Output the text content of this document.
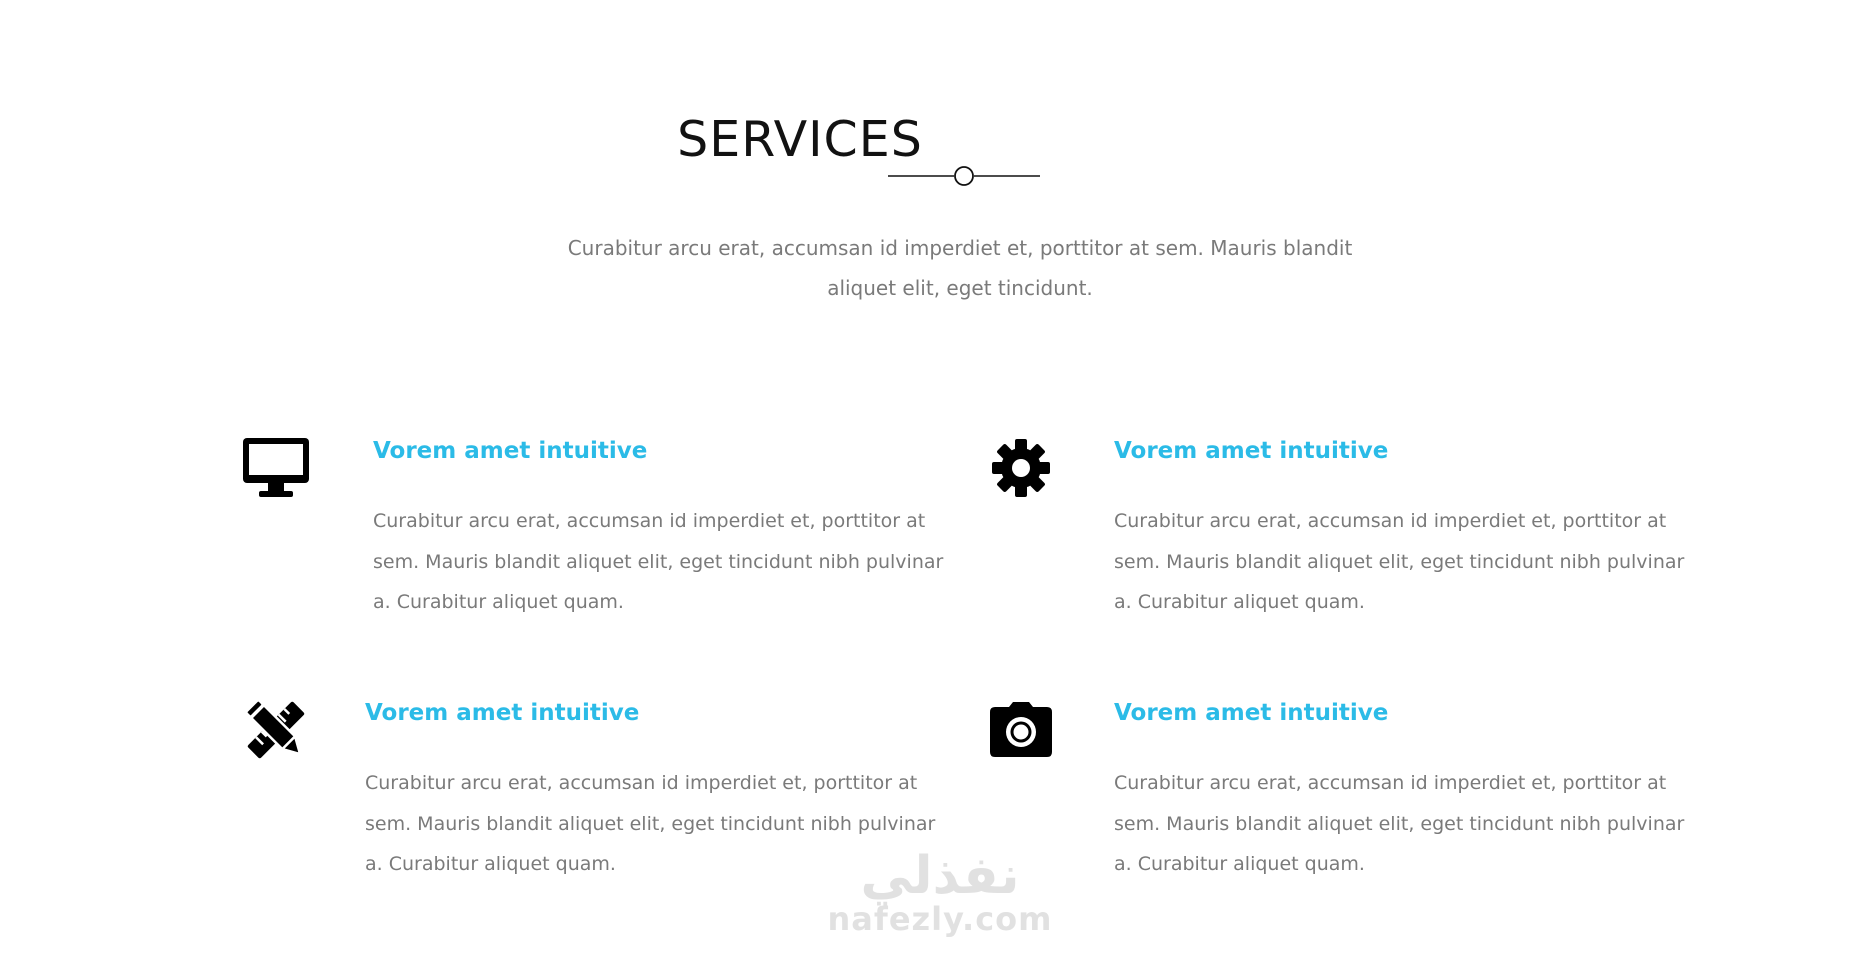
SERVICES

Curabitur arcu erat, accumsan id imperdiet et, porttitor at sem. Mauris blandit aliquet elit, eget tincidunt.

Vorem amet intuitive

Curabitur arcu erat, accumsan id imperdiet et, porttitor at sem. Mauris blandit aliquet elit, eget tincidunt nibh pulvinar a. Curabitur aliquet quam.

Vorem amet intuitive

Curabitur arcu erat, accumsan id imperdiet et, porttitor at sem. Mauris blandit aliquet elit, eget tincidunt nibh pulvinar a. Curabitur aliquet quam.

Vorem amet intuitive

Curabitur arcu erat, accumsan id imperdiet et, porttitor at sem. Mauris blandit aliquet elit, eget tincidunt nibh pulvinar a. Curabitur aliquet quam.

Vorem amet intuitive

Curabitur arcu erat, accumsan id imperdiet et, porttitor at sem. Mauris blandit aliquet elit, eget tincidunt nibh pulvinar a. Curabitur aliquet quam.

نفذلي
nafezly.com
